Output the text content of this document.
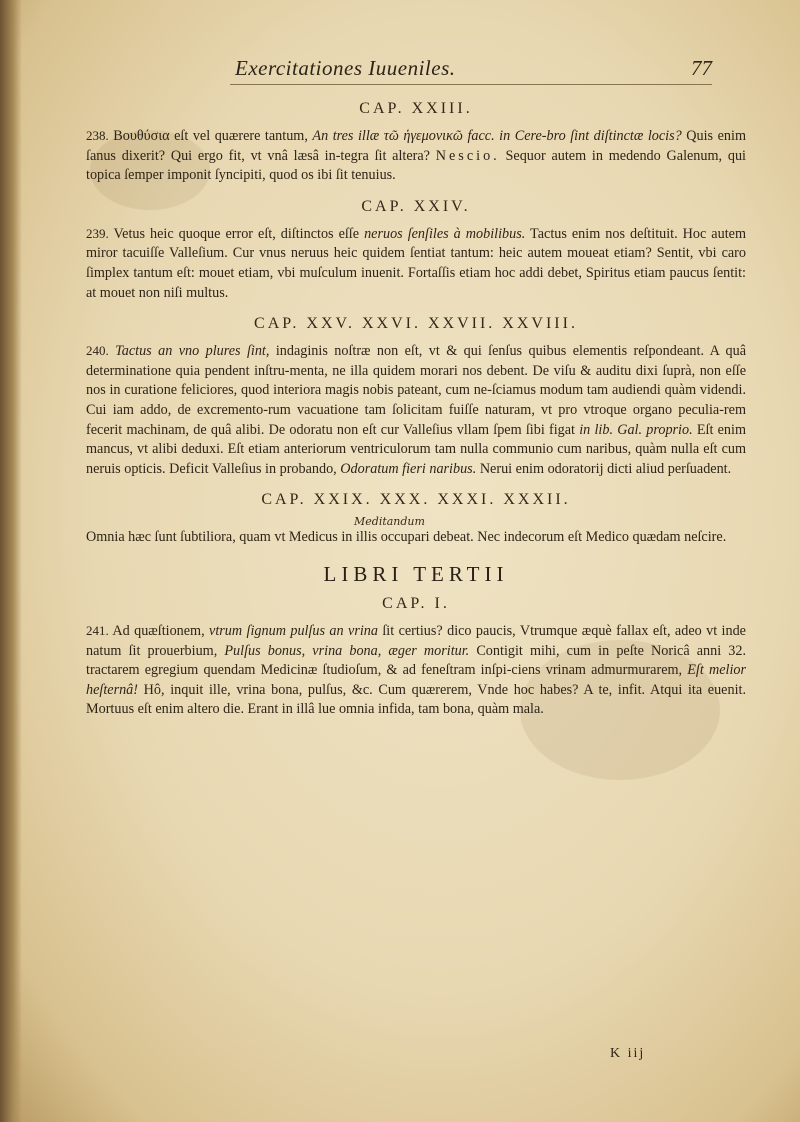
Exercitationes Iuueniles.	77
CAP. XXIII.

238. Βουθύσια eſt vel quærere tantum, An tres illæ τῶ ἡγεμονικῶ facc. in Cere-bro ſint diſtinctæ locis? Quis enim ſanus dixerit? Qui ergo fit, vt vnâ læsâ in-tegra ſit altera? Nescio. Sequor autem in medendo Galenum, qui topica ſemper imponit ſyncipiti, quod os ibi ſit tenuius.

CAP. XXIV.

239. Vetus heic quoque error eſt, diſtinctos eſſe neruos ſenſiles à mobilibus. Tactus enim nos deſtituit. Hoc autem miror tacuiſſe Valleſium. Cur vnus neruus heic quidem ſentiat tantum: heic autem moueat etiam? Sentit, vbi caro ſimplex tantum eſt: mouet etiam, vbi muſculum inuenit. Fortaſſis etiam hoc addi debet, Spiritus etiam paucus ſentit: at mouet non niſi multus.

CAP. XXV. XXVI. XXVII. XXVIII.

240. Tactus an vno plures ſint, indaginis noſtræ non eſt, vt & qui ſenſus quibus elementis reſpondeant. A quâ determinatione quia pendent inſtru-menta, ne illa quidem morari nos debent. De viſu & auditu dixi ſuprà, non eſſe nos in curatione feliciores, quod interiora magis nobis pateant, cum ne-ſciamus modum tam audiendi quàm videndi. Cui iam addo, de excremento-rum vacuatione tam ſolicitam fuiſſe naturam, vt pro vtroque organo peculia-rem fecerit machinam, de quâ alibi. De odoratu non eſt cur Valleſius vllam ſpem ſibi figat in lib. Gal. proprio. Eſt enim mancus, vt alibi deduxi. Eſt etiam anteriorum ventriculorum tam nulla communio cum naribus, quàm nulla eſt cum neruis opticis. Deficit Valleſius in probando, Odoratum fieri naribus. Nerui enim odoratorij dicti aliud perſuadent.

CAP. XXIX. XXX. XXXI. XXXII.
Meditandum

Omnia hæc ſunt ſubtiliora, quam vt Medicus in illis occupari debeat. Nec indecorum eſt Medico quædam neſcire.

LIBRI TERTII
CAP. I.

241. Ad quæſtionem, vtrum ſignum pulſus an vrina ſit certius? dico paucis, Vtrumque æquè fallax eſt, adeo vt inde natum ſit prouerbium, Pulſus bonus, vrina bona, æger moritur. Contigit mihi, cum in peſte Noricâ anni 32. tractarem egregium quendam Medicinæ ſtudioſum, & ad feneſtram inſpi-ciens vrinam admurmurarem, Eſt melior heſternâ! Hô, inquit ille, vrina bona, pulſus, &c. Cum quærerem, Vnde hoc habes? A te, infit. Atqui ita euenit. Mortuus eſt enim altero die. Erant in illâ lue omnia infida, tam bona, quàm mala.

K iij
